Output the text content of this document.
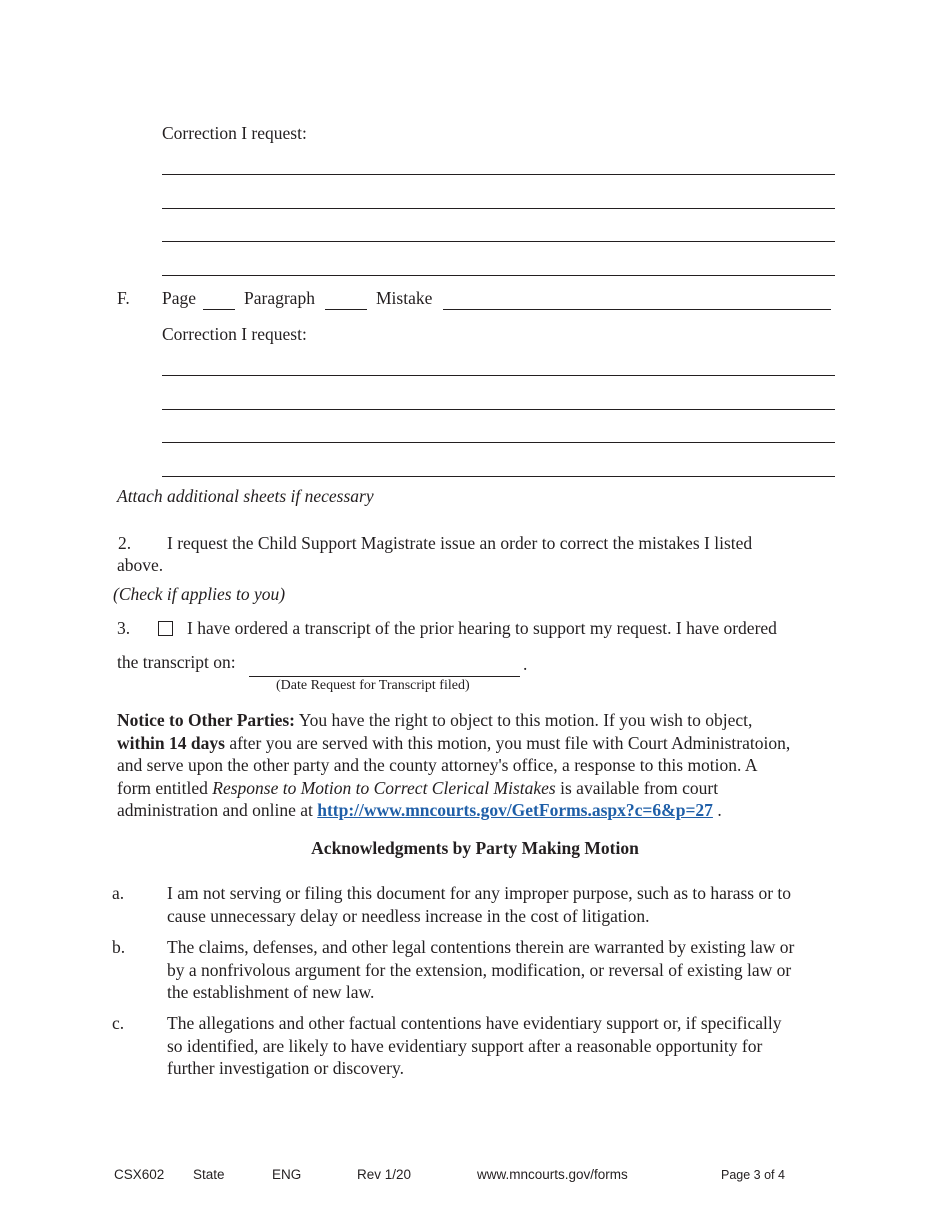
Correction I request:
F. Page	Paragraph	Mistake
Correction I request:
Attach additional sheets if necessary
2. I request the Child Support Magistrate issue an order to correct the mistakes I listed
above.
(Check if applies to you)
3.	I have ordered a transcript of the prior hearing to support my request. I have ordered
the transcript on:	.
(Date Request for Transcript filed)
Notice to Other Parties: You have the right to object to this motion. If you wish to object,
within 14 days after you are served with this motion, you must file with Court Administratoion,
and serve upon the other party and the county attorney's office, a response to this motion. A
form entitled Response to Motion to Correct Clerical Mistakes is available from court
administration and online at http://www.mncourts.gov/GetForms.aspx?c=6&p=27 .
Acknowledgments by Party Making Motion
a. I am not serving or filing this document for any improper purpose, such as to harass or to
cause unnecessary delay or needless increase in the cost of litigation.
b. The claims, defenses, and other legal contentions therein are warranted by existing law or
by a nonfrivolous argument for the extension, modification, or reversal of existing law or
the establishment of new law.
c. The allegations and other factual contentions have evidentiary support or, if specifically
so identified, are likely to have evidentiary support after a reasonable opportunity for
further investigation or discovery.
CSX602 State	ENG	Rev 1/20	www.mncourts.gov/forms	Page 3 of 4
